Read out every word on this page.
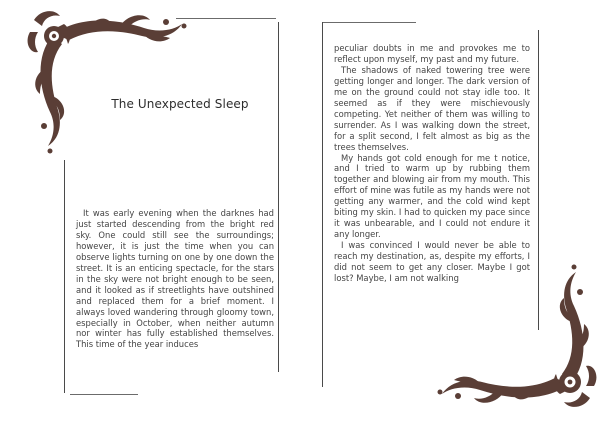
The Unexpected Sleep

It was early evening when the darknes had just started descending from the bright red sky. One could still see the surroundings; however, it is just the time when you can observe lights turning on one by one down the street. It is an enticing spectacle, for the stars in the sky were not bright enough to be seen, and it looked as if streetlights have outshined and replaced them for a brief moment. I always loved wandering through gloomy town, especially in October, when neither autumn nor winter has fully established themselves. This time of the year induces

peculiar doubts in me and provokes me to reflect upon myself, my past and my future.

The shadows of naked towering tree were getting longer and longer. The dark version of me on the ground could not stay idle too. It seemed as if they were mischievously competing. Yet neither of them was willing to surrender. As I was walking down the street, for a split second, I felt almost as big as the trees themselves.

My hands got cold enough for me t notice, and I tried to warm up by rubbing them together and blowing air from my mouth. This effort of mine was futile as my hands were not getting any warmer, and the cold wind kept biting my skin. I had to quicken my pace since it was unbearable, and I could not endure it any longer.

I was convinced I would never be able to reach my destination, as, despite my efforts, I did not seem to get any closer. Maybe I got lost? Maybe, I am not walking
